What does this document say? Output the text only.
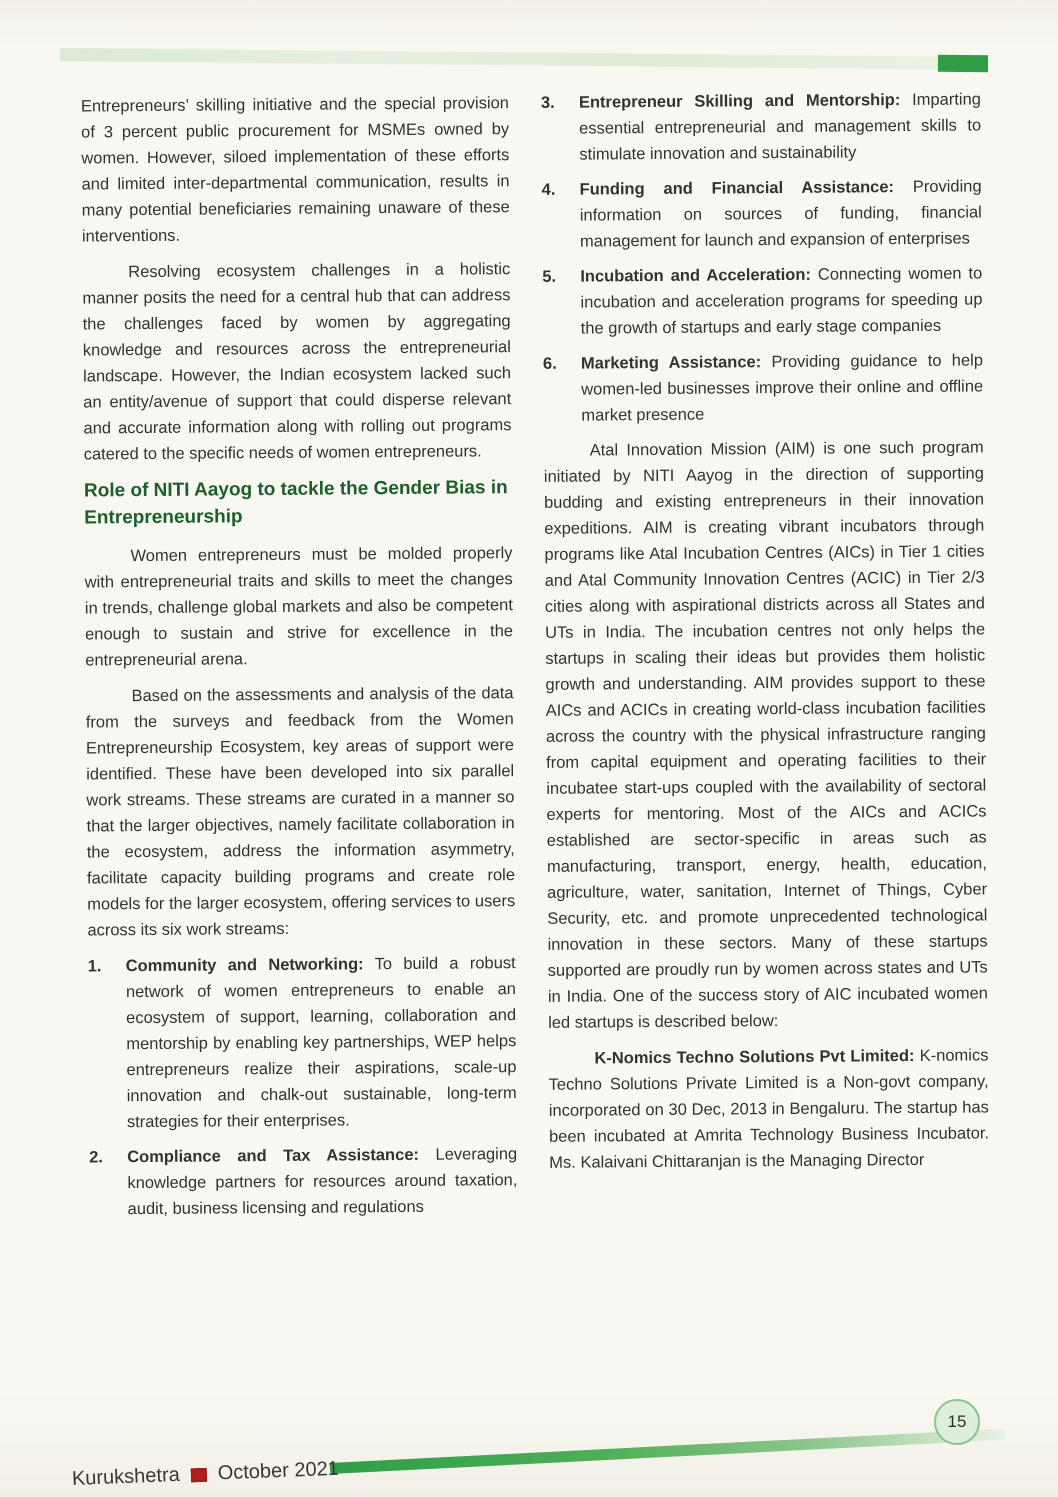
Entrepreneurs’ skilling initiative and the special provision of 3 percent public procurement for MSMEs owned by women. However, siloed implementation of these efforts and limited inter-departmental communication, results in many potential beneficiaries remaining unaware of these interventions.

Resolving ecosystem challenges in a holistic manner posits the need for a central hub that can address the challenges faced by women by aggregating knowledge and resources across the entrepreneurial landscape. However, the Indian ecosystem lacked such an entity/avenue of support that could disperse relevant and accurate information along with rolling out programs catered to the specific needs of women entrepreneurs.

Role of NITI Aayog to tackle the Gender Bias in Entrepreneurship

Women entrepreneurs must be molded properly with entrepreneurial traits and skills to meet the changes in trends, challenge global markets and also be competent enough to sustain and strive for excellence in the entrepreneurial arena.

Based on the assessments and analysis of the data from the surveys and feedback from the Women Entrepreneurship Ecosystem, key areas of support were identified. These have been developed into six parallel work streams. These streams are curated in a manner so that the larger objectives, namely facilitate collaboration in the ecosystem, address the information asymmetry, facilitate capacity building programs and create role models for the larger ecosystem, offering services to users across its six work streams:

1.	Community and Networking: To build a robust network of women entrepreneurs to enable an ecosystem of support, learning, collaboration and mentorship by enabling key partnerships, WEP helps entrepreneurs realize their aspirations, scale-up innovation and chalk-out sustainable, long-term strategies for their enterprises.
2.	Compliance and Tax Assistance: Leveraging knowledge partners for resources around taxation, audit, business licensing and regulations
3.	Entrepreneur Skilling and Mentorship: Imparting essential entrepreneurial and management skills to stimulate innovation and sustainability
4.	Funding and Financial Assistance: Providing information on sources of funding, financial management for launch and expansion of enterprises
5.	Incubation and Acceleration: Connecting women to incubation and acceleration programs for speeding up the growth of startups and early stage companies
6.	Marketing Assistance: Providing guidance to help women-led businesses improve their online and offline market presence

Atal Innovation Mission (AIM) is one such program initiated by NITI Aayog in the direction of supporting budding and existing entrepreneurs in their innovation expeditions. AIM is creating vibrant incubators through programs like Atal Incubation Centres (AICs) in Tier 1 cities and Atal Community Innovation Centres (ACIC) in Tier 2/3 cities along with aspirational districts across all States and UTs in India. The incubation centres not only helps the startups in scaling their ideas but provides them holistic growth and understanding. AIM provides support to these AICs and ACICs in creating world-class incubation facilities across the country with the physical infrastructure ranging from capital equipment and operating facilities to their incubatee start-ups coupled with the availability of sectoral experts for mentoring. Most of the AICs and ACICs established are sector-specific in areas such as manufacturing, transport, energy, health, education, agriculture, water, sanitation, Internet of Things, Cyber Security, etc. and promote unprecedented technological innovation in these sectors. Many of these startups supported are proudly run by women across states and UTs in India. One of the success story of AIC incubated women led startups is described below:

K-Nomics Techno Solutions Pvt Limited: K-nomics Techno Solutions Private Limited is a Non-govt company, incorporated on 30 Dec, 2013 in Bengaluru. The startup has been incubated at Amrita Technology Business Incubator. Ms. Kalaivani Chittaranjan is the Managing Director

15
Kurukshetra October 2021
